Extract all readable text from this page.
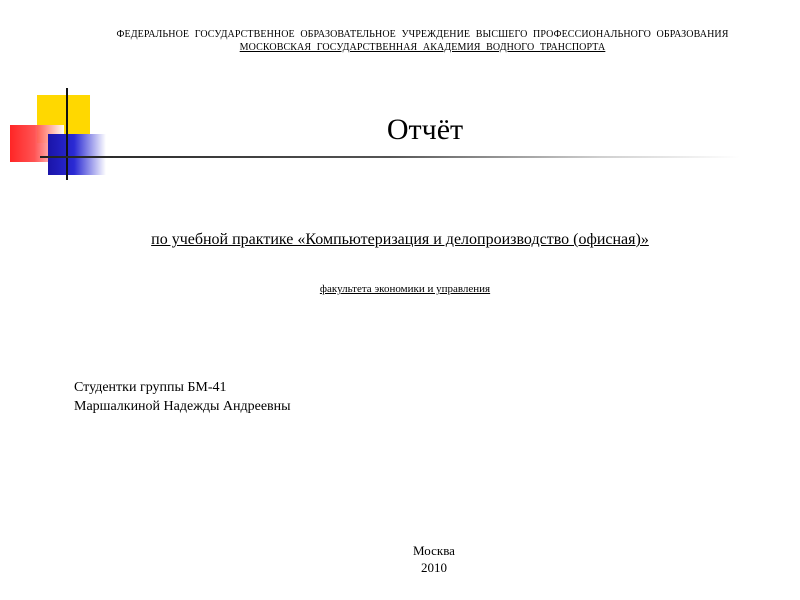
ФЕДЕРАЛЬНОЕ ГОСУДАРСТВЕННОЕ ОБРАЗОВАТЕЛЬНОЕ УЧРЕЖДЕНИЕ ВЫСШЕГО ПРОФЕССИОНАЛЬНОГО ОБРАЗОВАНИЯ
МОСКОВСКАЯ ГОСУДАРСТВЕННАЯ АКАДЕМИЯ ВОДНОГО ТРАНСПОРТА
Отчёт
по учебной практике «Компьютеризация и делопроизводство (офисная)»
факультета экономики и управления
Студентки группы БМ-41
Маршалкиной Надежды Андреевны
Москва
2010
